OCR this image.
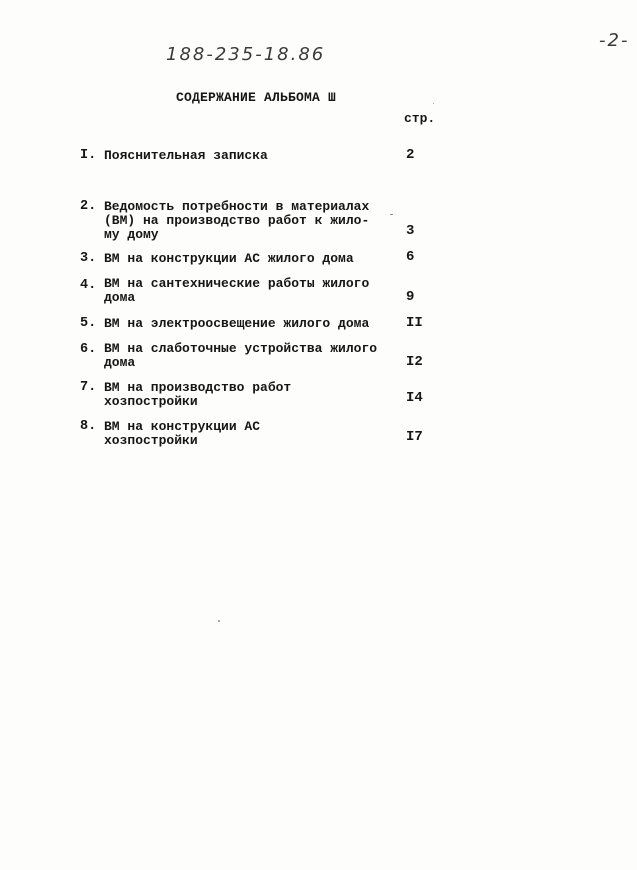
188-235-18.86
-2-
СОДЕРЖАНИЕ АЛЬБОМА Ш
стр.
I. Пояснительная записка	2
2. Ведомость потребности в материалах
(ВМ) на производство работ к жило-
му дому	3
3. ВМ на конструкции АС жилого дома	6
4. ВМ на сантехнические работы жилого
дома	9
5. ВМ на электроосвещение жилого дома	II
6. ВМ на слаботочные устройства жилого
дома	I2
7. ВМ на производство работ
хозпостройки	I4
8. ВМ на конструкции АС
хозпостройки	I7
